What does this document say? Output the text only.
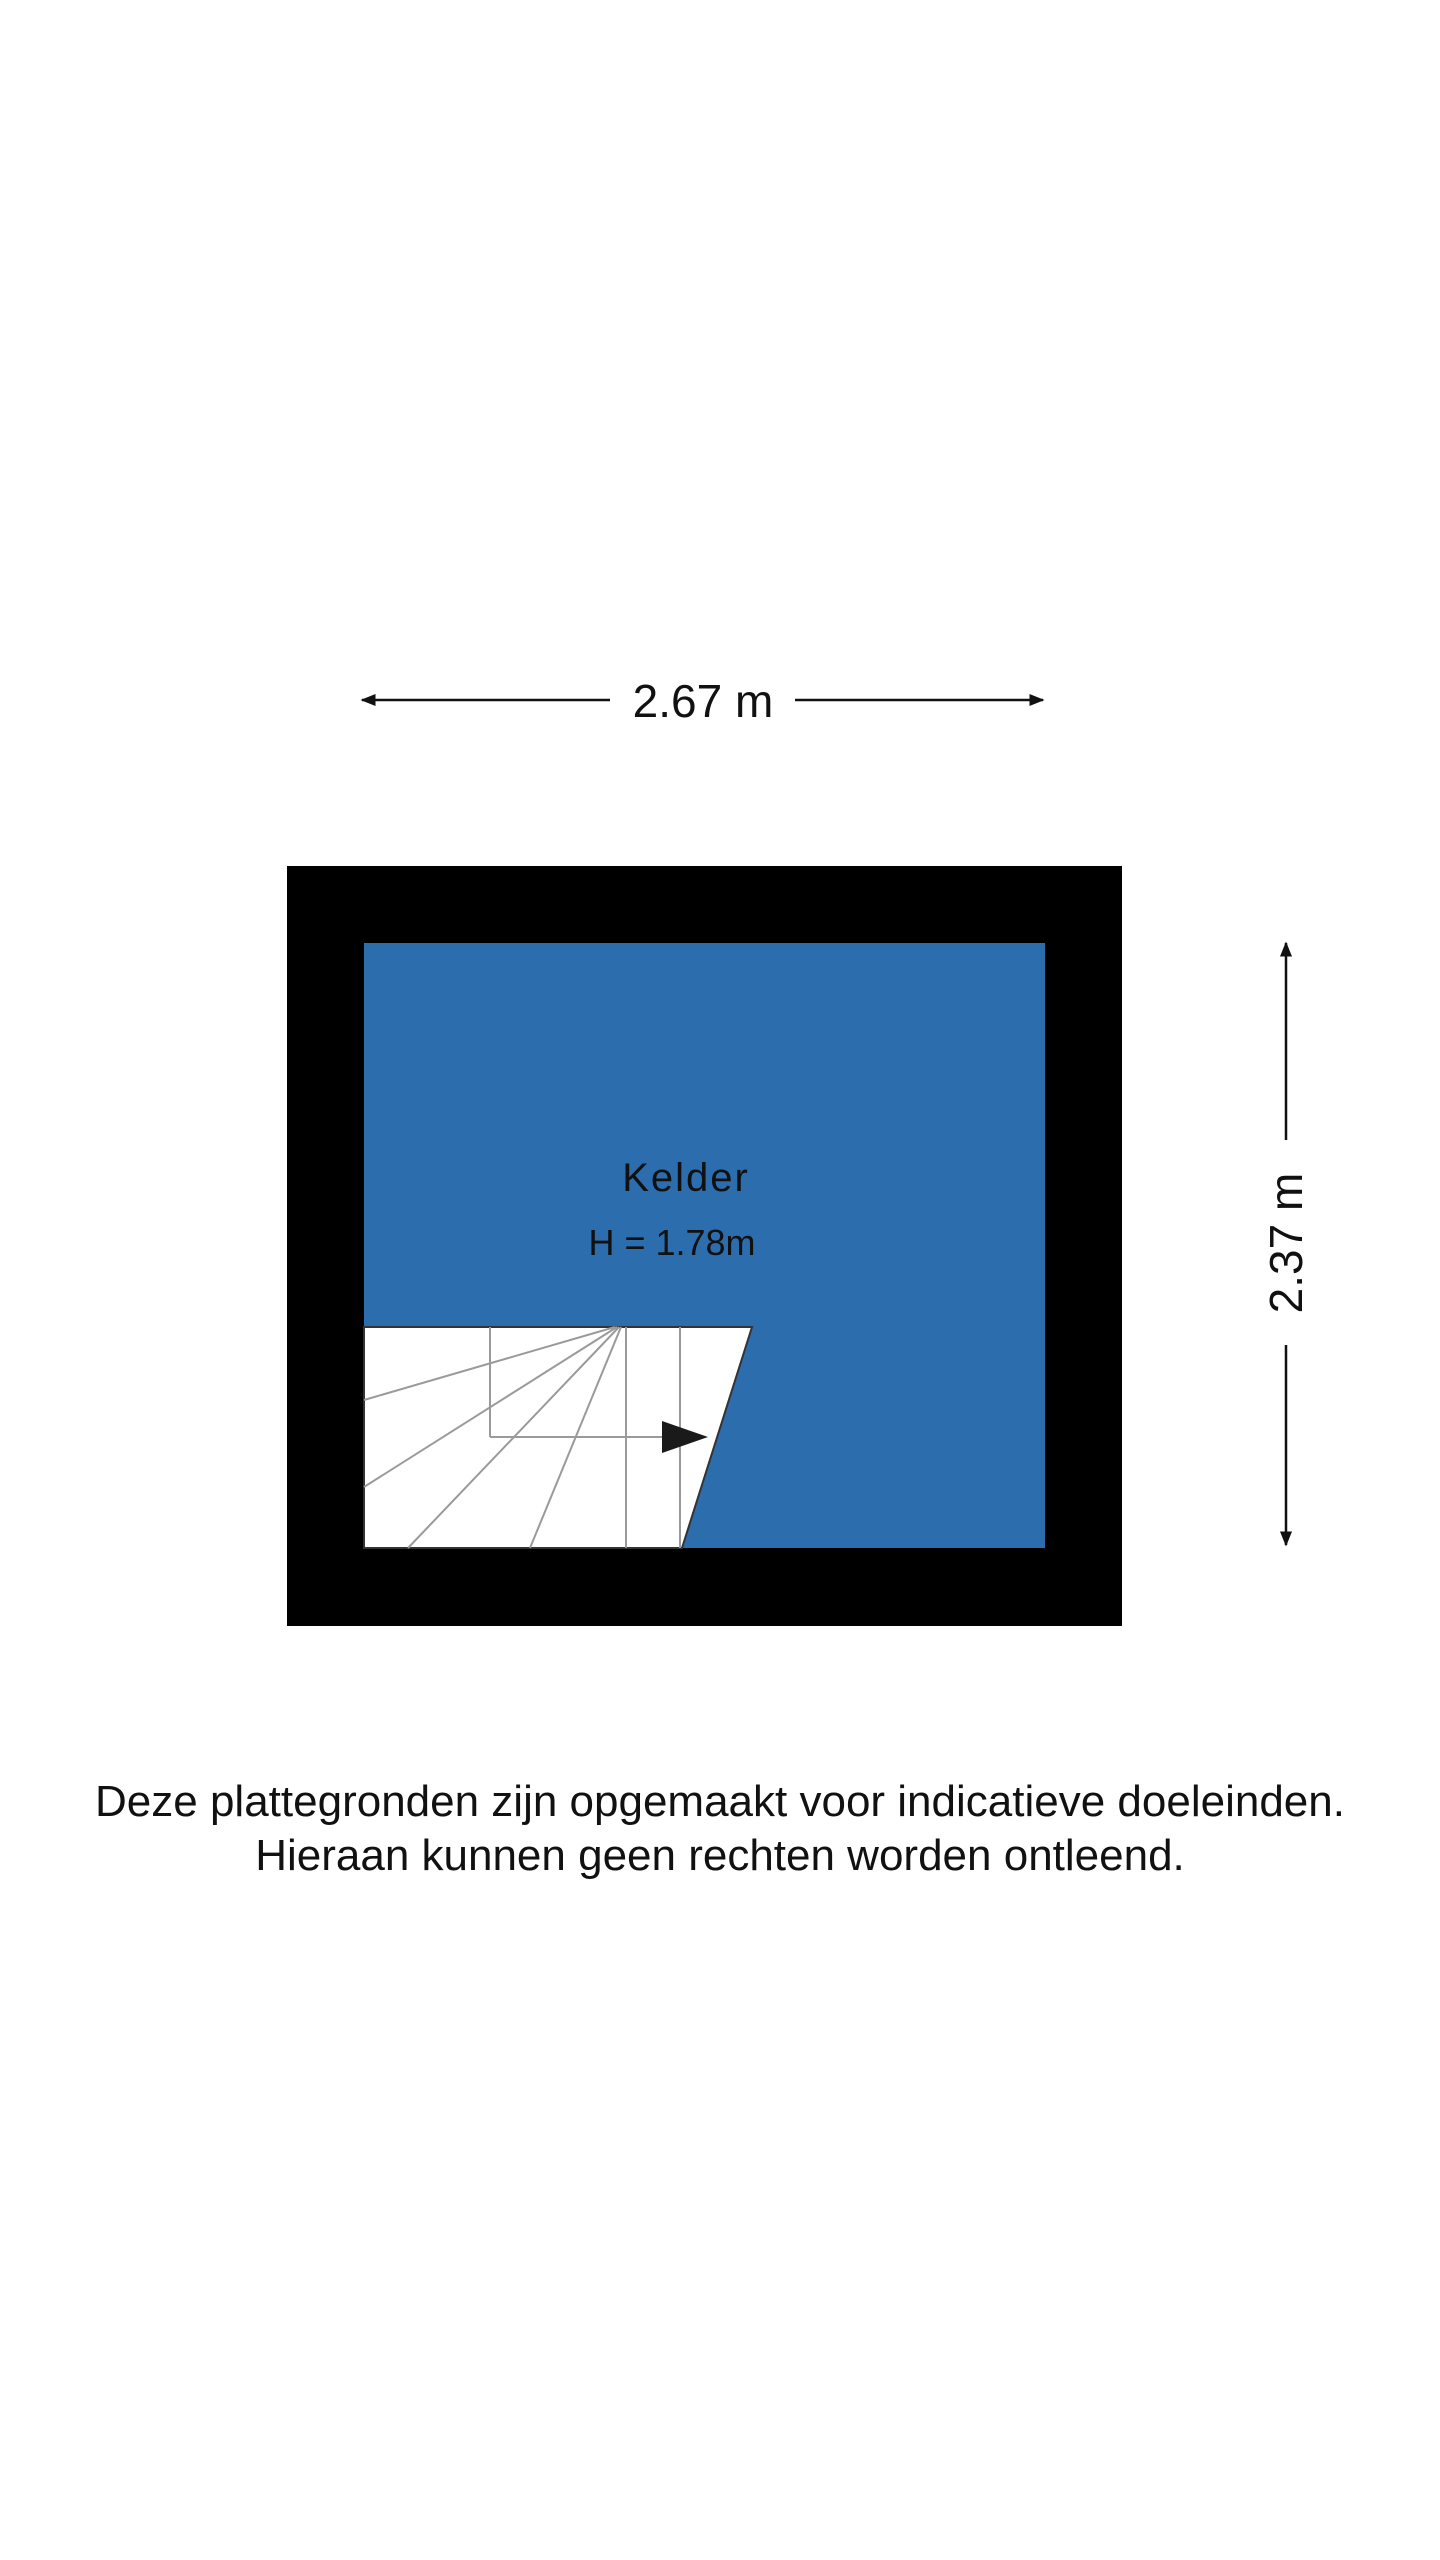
2.67 m
2.37 m
Kelder
H = 1.78m
Deze plattegronden zijn opgemaakt voor indicatieve doeleinden.
Hieraan kunnen geen rechten worden ontleend.
